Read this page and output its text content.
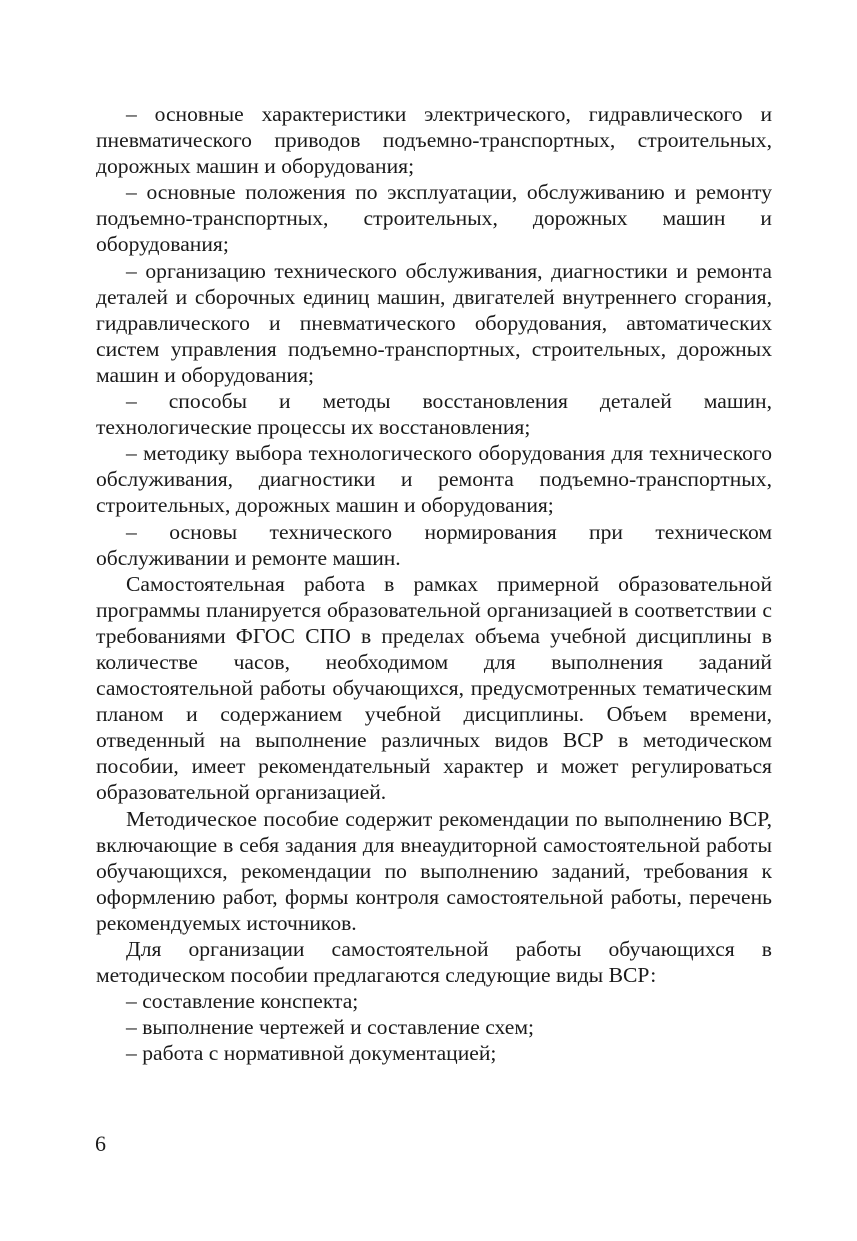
– основные характеристики электрического, гидравлического и пневматического приводов подъемно-транспортных, строительных, дорожных машин и оборудования;

– основные положения по эксплуатации, обслуживанию и ремонту подъемно-транспортных, строительных, дорожных машин и оборудования;

– организацию технического обслуживания, диагностики и ремонта деталей и сборочных единиц машин, двигателей внутреннего сгорания, гидравлического и пневматического оборудования, автоматических систем управления подъемно-транспортных, строительных, дорожных машин и оборудования;

– способы и методы восстановления деталей машин, технологические процессы их восстановления;

– методику выбора технологического оборудования для технического обслуживания, диагностики и ремонта подъемно-транспортных, строительных, дорожных машин и оборудования;

– основы технического нормирования при техническом обслуживании и ремонте машин.

Самостоятельная работа в рамках примерной образовательной программы планируется образовательной организацией в соответствии с требованиями ФГОС СПО в пределах объема учебной дисциплины в количестве часов, необходимом для выполнения заданий самостоятельной работы обучающихся, предусмотренных тематическим планом и содержанием учебной дисциплины. Объем времени, отведенный на выполнение различных видов ВСР в методическом пособии, имеет рекомендательный характер и может регулироваться образовательной организацией.

Методическое пособие содержит рекомендации по выполнению ВСР, включающие в себя задания для внеаудиторной самостоятельной работы обучающихся, рекомендации по выполнению заданий, требования к оформлению работ, формы контроля самостоятельной работы, перечень рекомендуемых источников.

Для организации самостоятельной работы обучающихся в методическом пособии предлагаются следующие виды ВСР:

– составление конспекта;

– выполнение чертежей и составление схем;

– работа с нормативной документацией;

6
